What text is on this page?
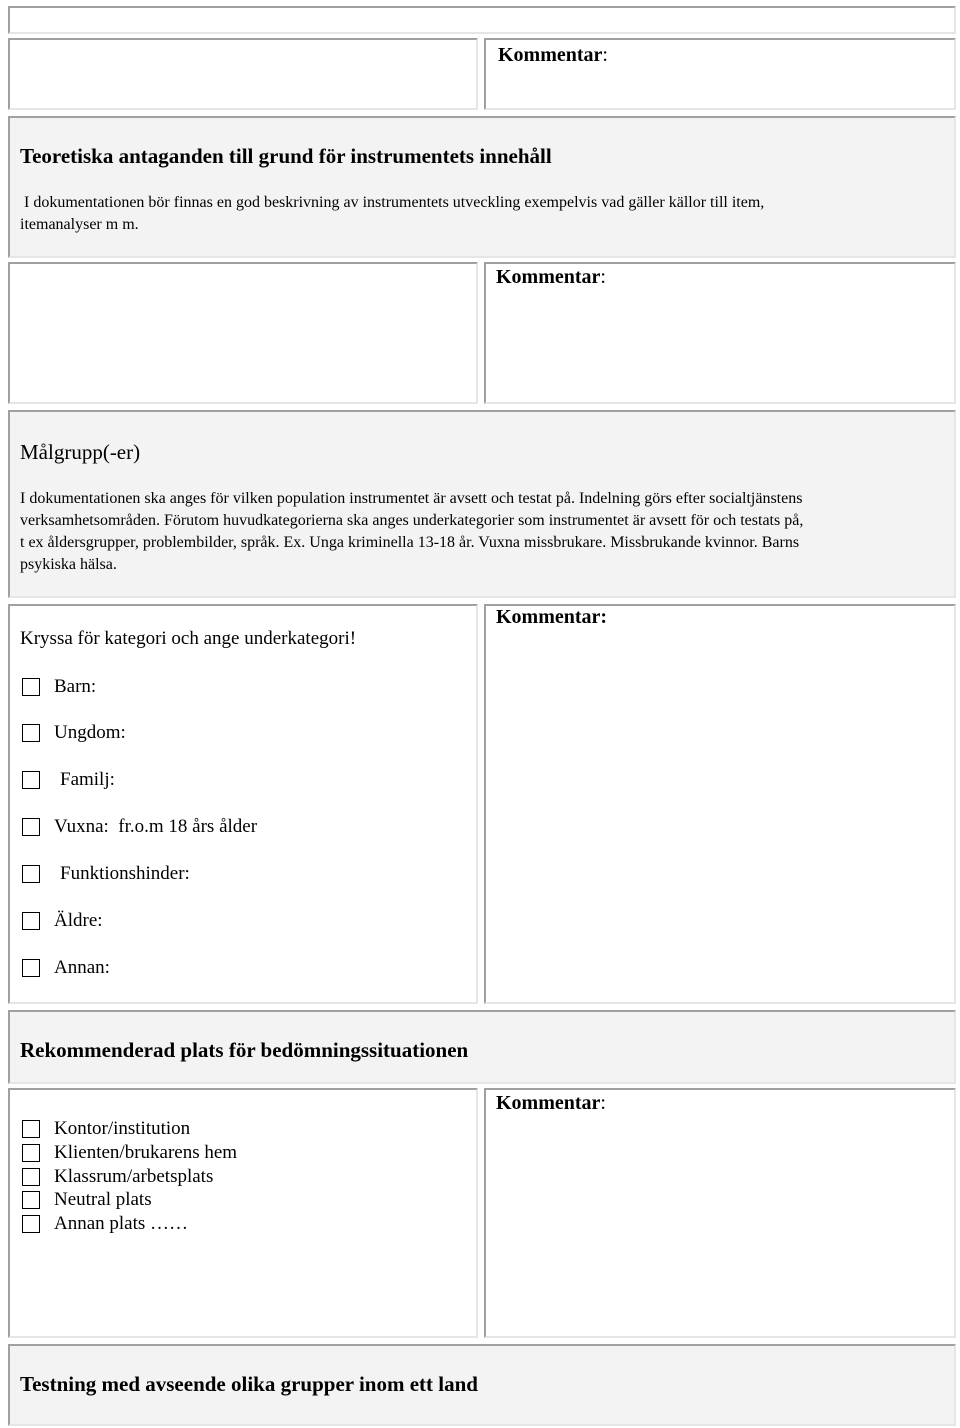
Kommentar:
Teoretiska antaganden till grund för instrumentets innehåll
I dokumentationen bör finnas en god beskrivning av instrumentets utveckling exempelvis vad gäller källor till item,
itemanalyser m m.
Kommentar:
Målgrupp(-er)
I dokumentationen ska anges för vilken population instrumentet är avsett och testat på. Indelning görs efter socialtjänstens
verksamhetsområden. Förutom huvudkategorierna ska anges underkategorier som instrumentet är avsett för och testats på,
t ex åldersgrupper, problembilder, språk. Ex. Unga kriminella 13-18 år. Vuxna missbrukare. Missbrukande kvinnor. Barns
psykiska hälsa.
Kryssa för kategori och ange underkategori!
Barn:
Ungdom:
Familj:
Vuxna:  fr.o.m 18 års ålder
Funktionshinder:
Äldre:
Annan:
Kommentar:
Rekommenderad plats för bedömningssituationen
Kontor/institution
Klienten/brukarens hem
Klassrum/arbetsplats
Neutral plats
Annan plats ……
Kommentar:
Testning med avseende olika grupper inom ett land
